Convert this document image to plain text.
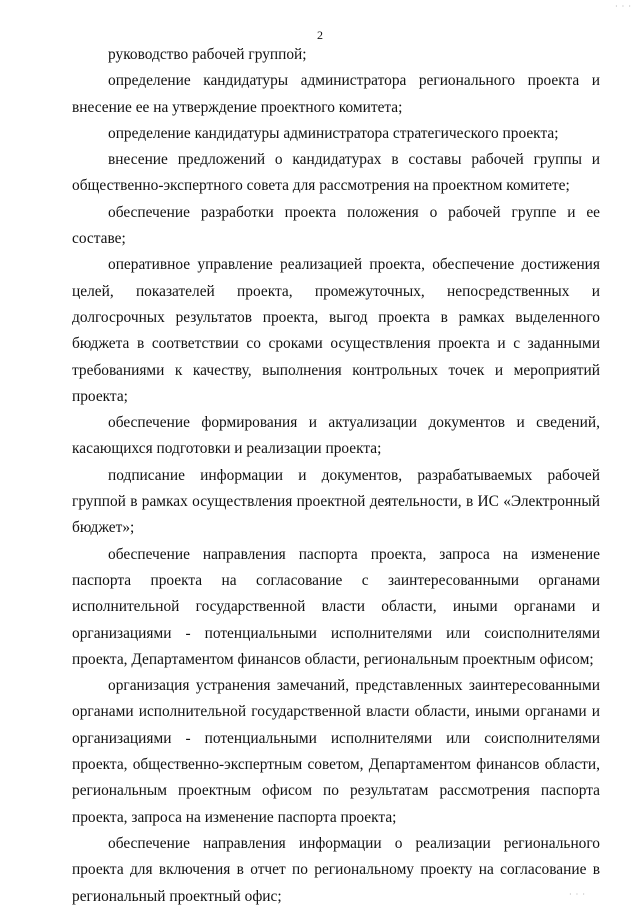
· · ·
2

руководство рабочей группой;

определение кандидатуры администратора регионального проекта и внесение ее на утверждение проектного комитета;

определение кандидатуры администратора стратегического проекта;

внесение предложений о кандидатурах в составы рабочей группы и общественно-экспертного совета для рассмотрения на проектном комитете;

обеспечение разработки проекта положения о рабочей группе и ее составе;

оперативное управление реализацией проекта, обеспечение достижения целей, показателей проекта, промежуточных, непосредственных и долгосрочных результатов проекта, выгод проекта в рамках выделенного бюджета в соответствии со сроками осуществления проекта и с заданными требованиями к качеству, выполнения контрольных точек и мероприятий проекта;

обеспечение формирования и актуализации документов и сведений, касающихся подготовки и реализации проекта;

подписание информации и документов, разрабатываемых рабочей группой в рамках осуществления проектной деятельности, в ИС «Электронный бюджет»;

обеспечение направления паспорта проекта, запроса на изменение паспорта проекта на согласование с заинтересованными органами исполнительной государственной власти области, иными органами и организациями - потенциальными исполнителями или соисполнителями проекта, Департаментом финансов области, региональным проектным офисом;

организация устранения замечаний, представленных заинтересованными органами исполнительной государственной власти области, иными органами и организациями - потенциальными исполнителями или соисполнителями проекта, общественно-экспертным советом, Департаментом финансов области, региональным проектным офисом по результатам рассмотрения паспорта проекта, запроса на изменение паспорта проекта;

обеспечение направления информации о реализации регионального проекта для включения в отчет по региональному проекту на согласование в региональный проектный офис;	· · ·
